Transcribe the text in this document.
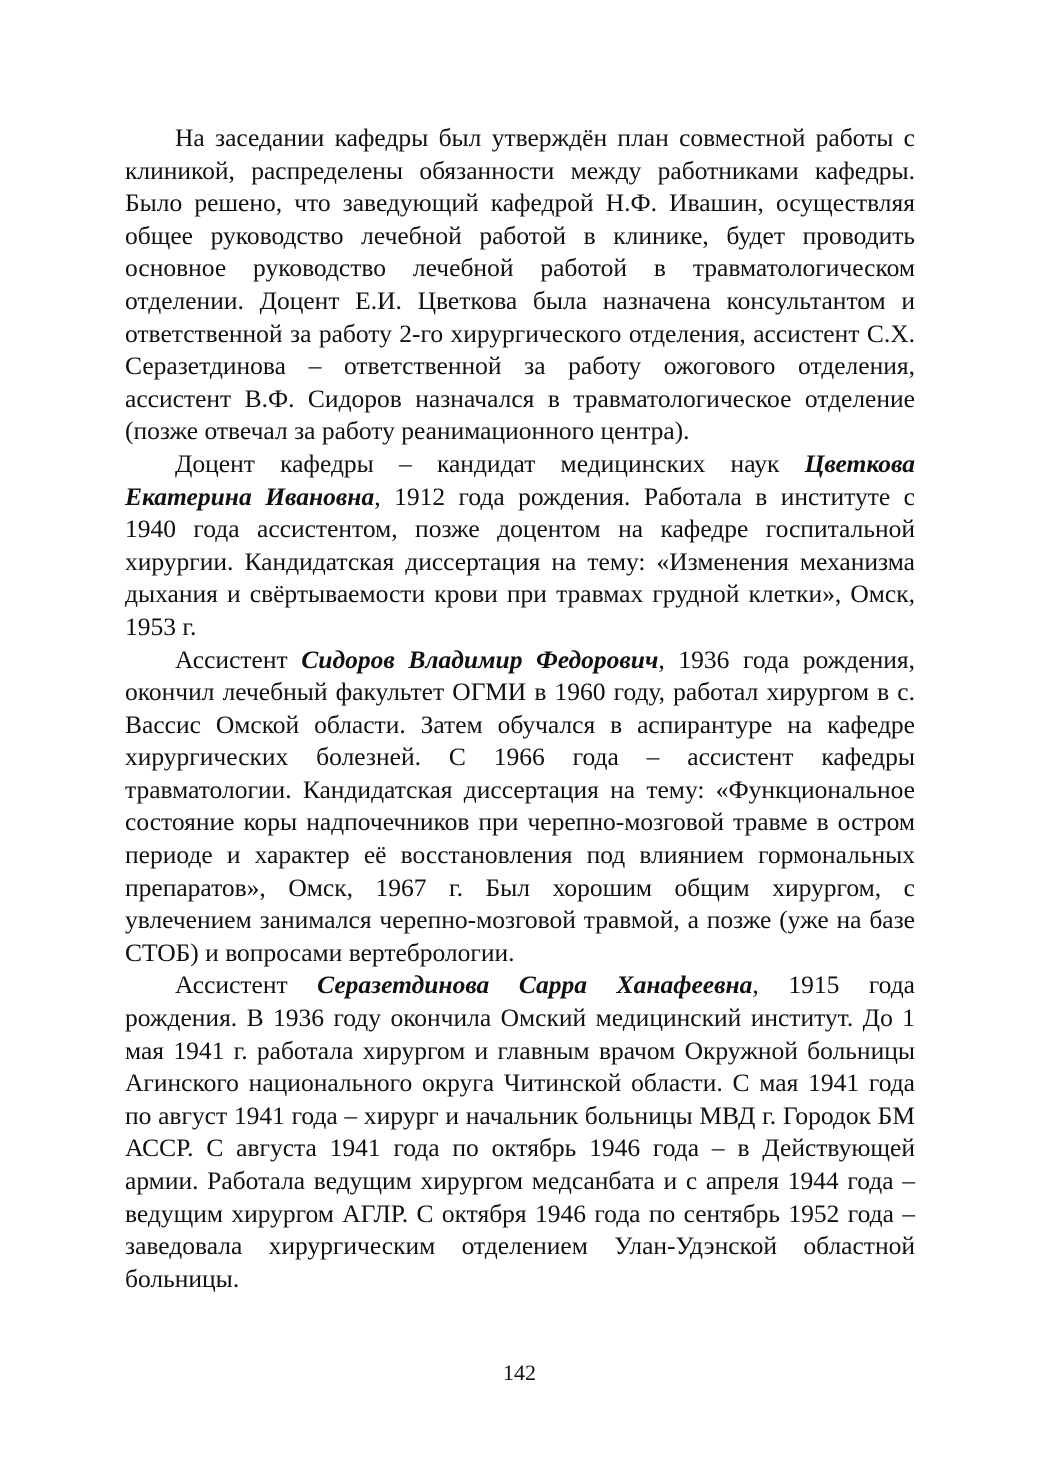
На заседании кафедры был утверждён план совместной работы с клиникой, распределены обязанности между работниками кафедры. Было решено, что заведующий кафедрой Н.Ф. Ивашин, осуществляя общее руководство лечебной работой в клинике, будет проводить основное руководство лечебной работой в травматологическом отделении. Доцент Е.И. Цветкова была назначена консультантом и ответственной за работу 2-го хирургического отделения, ассистент С.Х. Серазетдинова – ответственной за работу ожогового отделения, ассистент В.Ф. Сидоров назначался в травматологическое отделение (позже отвечал за работу реанимационного центра).

Доцент кафедры – кандидат медицинских наук Цветкова Екатерина Ивановна, 1912 года рождения. Работала в институте с 1940 года ассистентом, позже доцентом на кафедре госпитальной хирургии. Кандидатская диссертация на тему: «Изменения механизма дыхания и свёртываемости крови при травмах грудной клетки», Омск, 1953 г.

Ассистент Сидоров Владимир Федорович, 1936 года рождения, окончил лечебный факультет ОГМИ в 1960 году, работал хирургом в с. Вассис Омской области. Затем обучался в аспирантуре на кафедре хирургических болезней. С 1966 года – ассистент кафедры травматологии. Кандидатская диссертация на тему: «Функциональное состояние коры надпочечников при черепно-мозговой травме в остром периоде и характер её восстановления под влиянием гормональных препаратов», Омск, 1967 г. Был хорошим общим хирургом, с увлечением занимался черепно-мозговой травмой, а позже (уже на базе СТОБ) и вопросами вертебрологии.

Ассистент Серазетдинова Сарра Ханафеевна, 1915 года рождения. В 1936 году окончила Омский медицинский институт. До 1 мая 1941 г. работала хирургом и главным врачом Окружной больницы Агинского национального округа Читинской области. С мая 1941 года по август 1941 года – хирург и начальник больницы МВД г. Городок БМ АССР. С августа 1941 года по октябрь 1946 года – в Действующей армии. Работала ведущим хирургом медсанбата и с апреля 1944 года – ведущим хирургом АГЛР. С октября 1946 года по сентябрь 1952 года – заведовала хирургическим отделением Улан-Удэнской областной больницы.

142
